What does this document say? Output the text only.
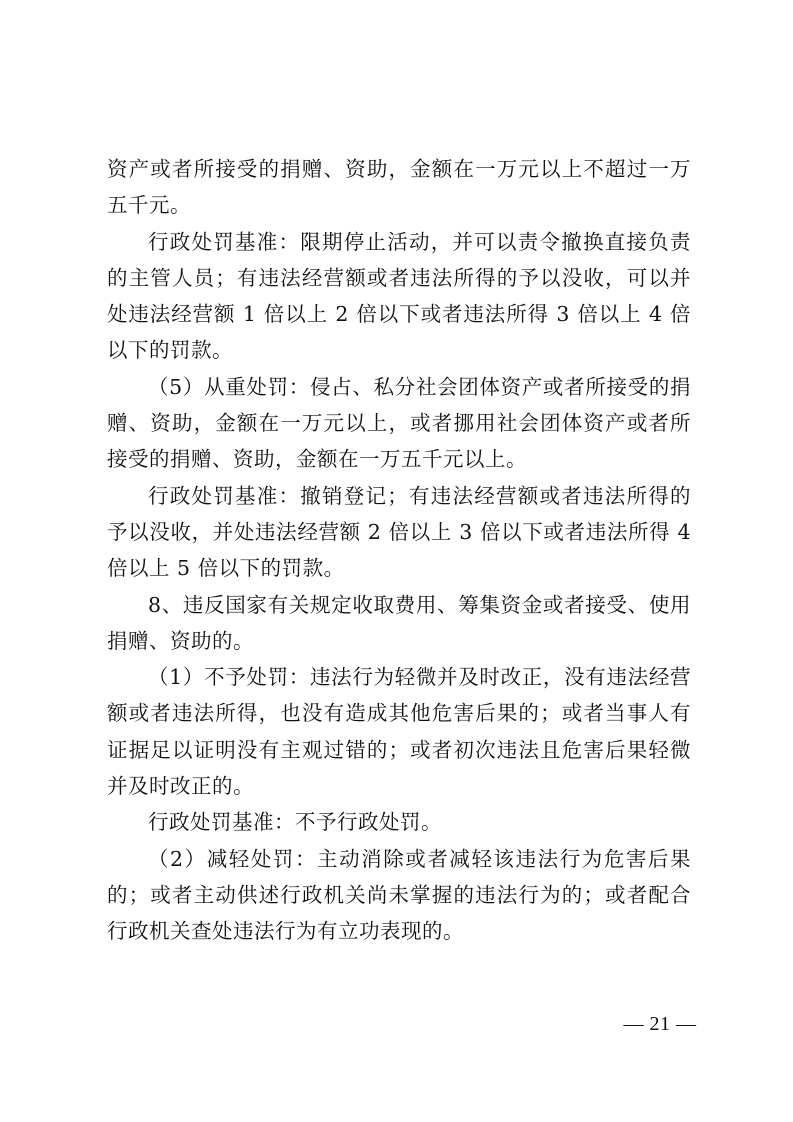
资产或者所接受的捐赠、资助，金额在一万元以上不超过一万五千元。

行政处罚基准：限期停止活动，并可以责令撤换直接负责的主管人员；有违法经营额或者违法所得的予以没收，可以并处违法经营额 1 倍以上 2 倍以下或者违法所得 3 倍以上 4 倍以下的罚款。

（5）从重处罚：侵占、私分社会团体资产或者所接受的捐赠、资助，金额在一万元以上，或者挪用社会团体资产或者所接受的捐赠、资助，金额在一万五千元以上。

行政处罚基准：撤销登记；有违法经营额或者违法所得的予以没收，并处违法经营额 2 倍以上 3 倍以下或者违法所得 4 倍以上 5 倍以下的罚款。

8、违反国家有关规定收取费用、筹集资金或者接受、使用捐赠、资助的。

（1）不予处罚：违法行为轻微并及时改正，没有违法经营额或者违法所得，也没有造成其他危害后果的；或者当事人有证据足以证明没有主观过错的；或者初次违法且危害后果轻微并及时改正的。

行政处罚基准：不予行政处罚。

（2）减轻处罚：主动消除或者减轻该违法行为危害后果的；或者主动供述行政机关尚未掌握的违法行为的；或者配合行政机关查处违法行为有立功表现的。

— 21 —
